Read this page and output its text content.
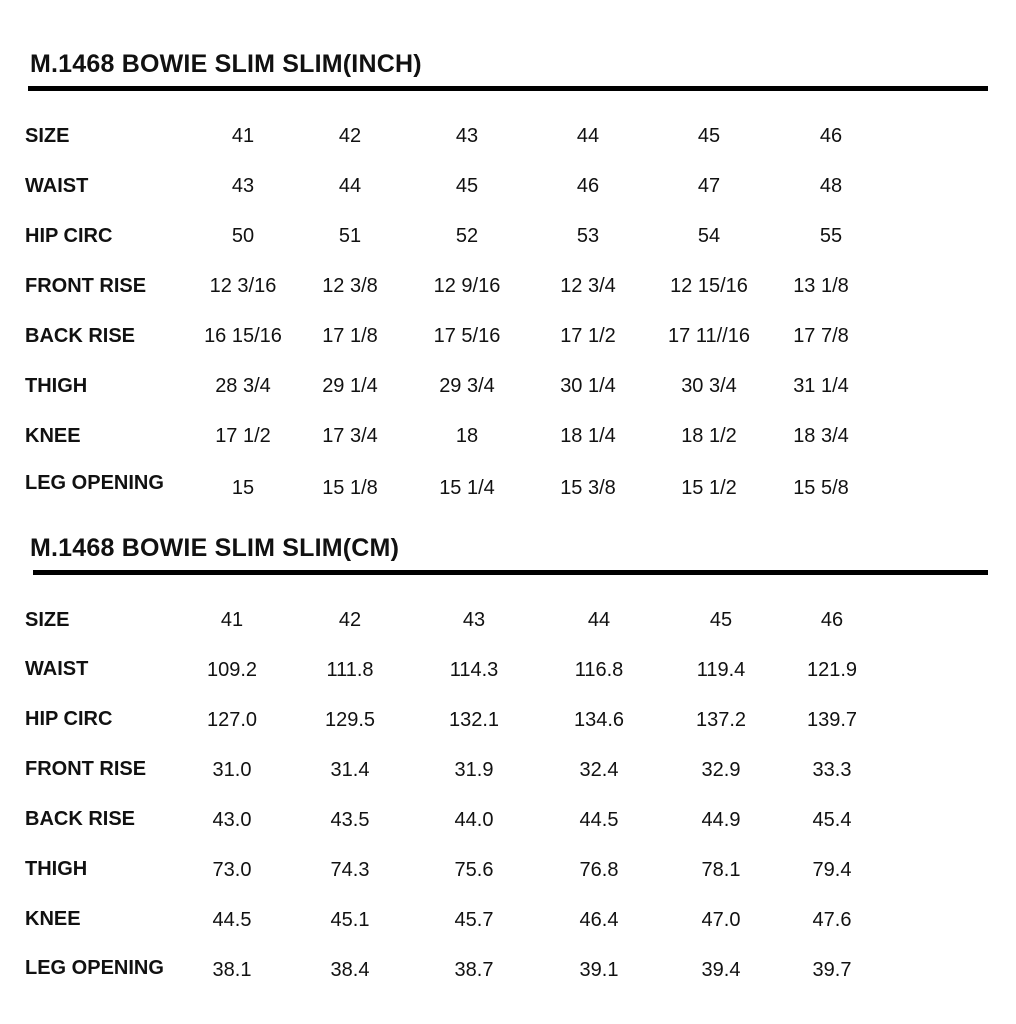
M.1468 BOWIE SLIM SLIM(INCH)
SIZE	41	42	43	44	45	46
WAIST	43	44	45	46	47	48
HIP CIRC	50	51	52	53	54	55
FRONT RISE	12 3/16	12 3/8	12 9/16	12 3/4	12 15/16	13 1/8
BACK RISE	16 15/16	17 1/8	17 5/16	17 1/2	17 11//16	17 7/8
THIGH	28 3/4	29 1/4	29 3/4	30 1/4	30 3/4	31 1/4
KNEE	17 1/2	17 3/4	18	18 1/4	18 1/2	18 3/4
LEG OPENING	15	15 1/8	15 1/4	15 3/8	15 1/2	15 5/8
M.1468 BOWIE SLIM SLIM(CM)
SIZE	41	42	43	44	45	46
WAIST	109.2	111.8	114.3	116.8	119.4	121.9
HIP CIRC	127.0	129.5	132.1	134.6	137.2	139.7
FRONT RISE	31.0	31.4	31.9	32.4	32.9	33.3
BACK RISE	43.0	43.5	44.0	44.5	44.9	45.4
THIGH	73.0	74.3	75.6	76.8	78.1	79.4
KNEE	44.5	45.1	45.7	46.4	47.0	47.6
LEG OPENING	38.1	38.4	38.7	39.1	39.4	39.7
